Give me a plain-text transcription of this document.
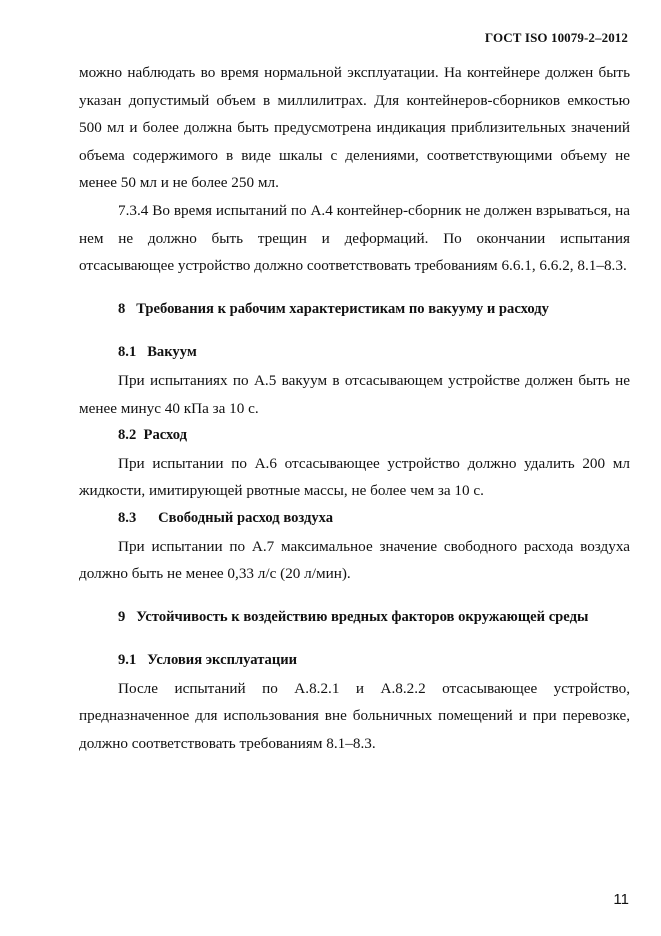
ГОСТ ISO 10079-2–2012

можно наблюдать во время нормальной эксплуатации. На контейнере должен быть указан допустимый объем в миллилитрах. Для контейнеров-сборников емкостью 500 мл и более должна быть предусмотрена индикация приблизительных значений объема содержимого в виде шкалы с делениями, соответствующими объему не менее 50 мл и не более 250 мл.

7.3.4 Во время испытаний по А.4 контейнер-сборник не должен взрываться, на нем не должно быть трещин и деформаций. По окончании испытания отсасывающее устройство должно соответствовать требованиям 6.6.1, 6.6.2, 8.1–8.3.

8   Требования к рабочим характеристикам по вакууму и расходу

8.1   Вакуум

При испытаниях по А.5 вакуум в отсасывающем устройстве должен быть не менее минус 40 кПа за 10 с.

8.2  Расход

При испытании по А.6 отсасывающее устройство должно удалить 200 мл жидкости, имитирующей рвотные массы, не более чем за 10 с.

8.3      Свободный расход воздуха

При испытании по А.7 максимальное значение свободного расхода воздуха должно быть не менее 0,33 л/с (20 л/мин).

9   Устойчивость к воздействию вредных факторов окружающей среды

9.1   Условия эксплуатации

После испытаний по А.8.2.1 и А.8.2.2 отсасывающее устройство, предназначенное для использования вне больничных помещений и при перевозке, должно соответствовать требованиям 8.1–8.3.

11
